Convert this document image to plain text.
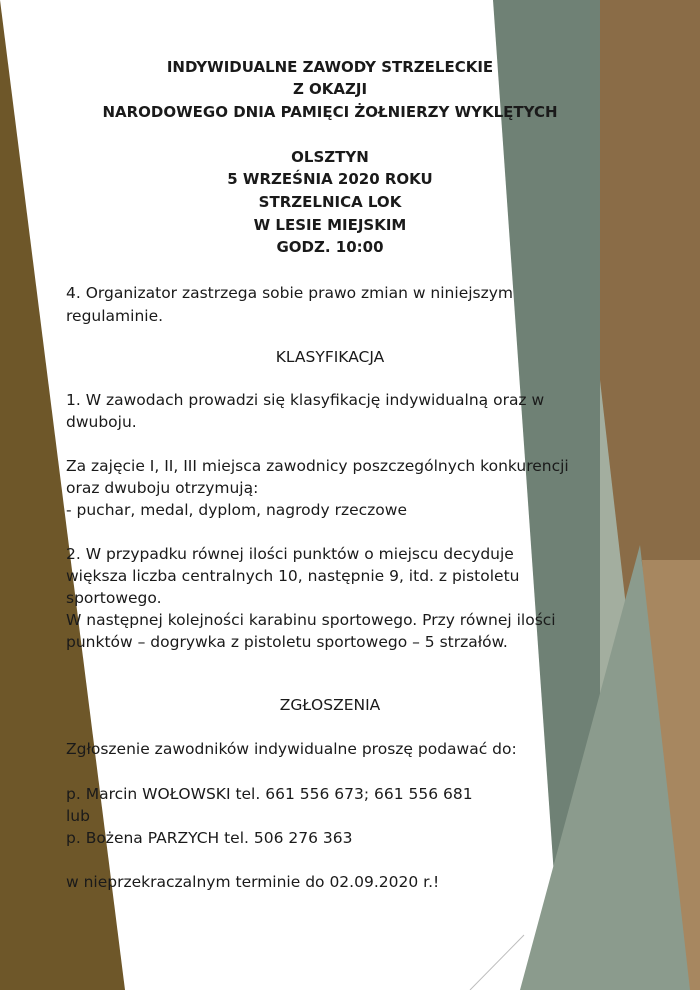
INDYWIDUALNE ZAWODY STRZELECKIE

Z OKAZJI

NARODOWEGO DNIA PAMIĘCI ŻOŁNIERZY WYKLĘTYCH

OLSZTYN

5 WRZEŚNIA 2020 ROKU

STRZELNICA LOK

W LESIE MIEJSKIM

GODZ. 10:00

4. Organizator zastrzega sobie prawo zmian w niniejszym

regulaminie.

KLASYFIKACJA

1. W zawodach prowadzi się klasyfikację indywidualną oraz w

dwuboju.

Za zajęcie I, II, III miejsca zawodnicy poszczególnych konkurencji

oraz dwuboju otrzymują:

- puchar, medal, dyplom, nagrody rzeczowe

2. W przypadku równej ilości punktów o miejscu decyduje

większa liczba centralnych 10, następnie 9, itd. z pistoletu

sportowego.

W następnej kolejności karabinu sportowego. Przy równej ilości

punktów – dogrywka z pistoletu sportowego – 5 strzałów.

ZGŁOSZENIA

Zgłoszenie zawodników indywidualne proszę podawać do:

p. Marcin WOŁOWSKI tel. 661 556 673; 661 556 681

lub

p. Bożena PARZYCH tel. 506 276 363

w nieprzekraczalnym terminie do 02.09.2020 r.!
